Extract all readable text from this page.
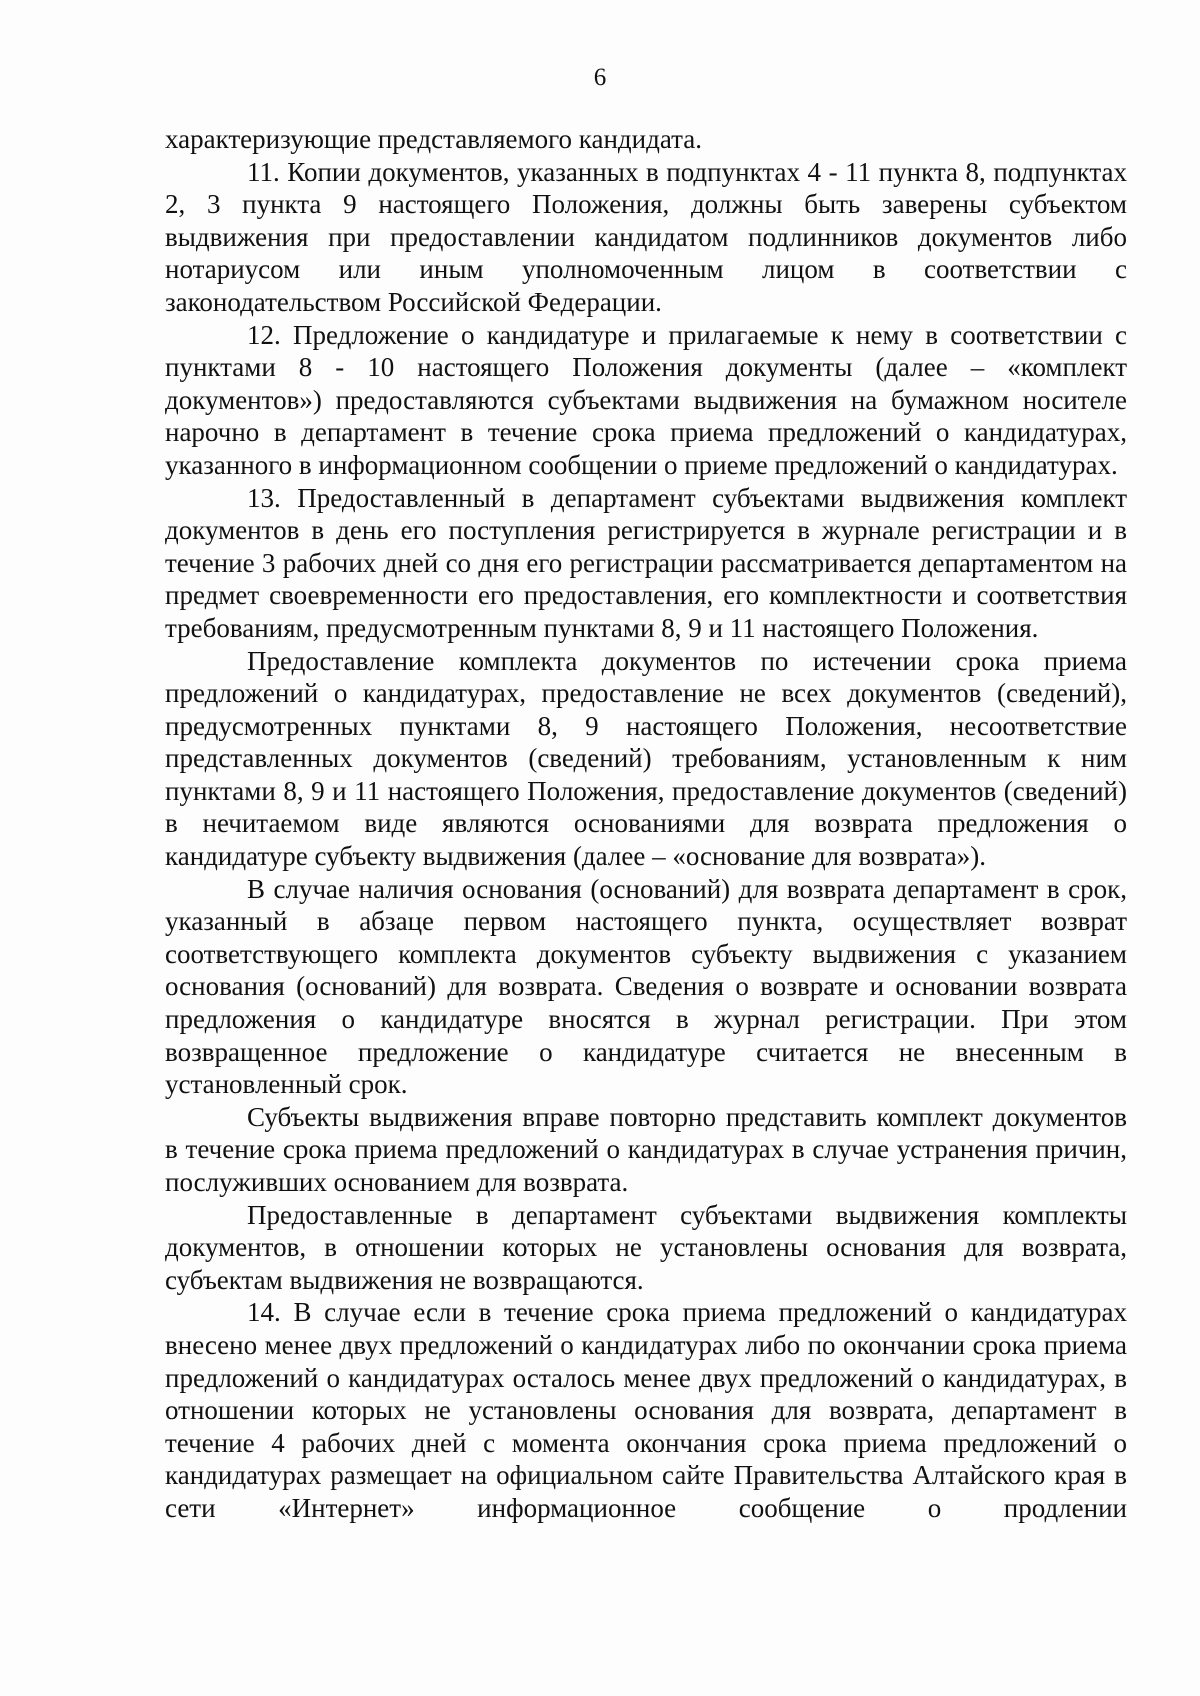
6

характеризующие представляемого кандидата.

11. Копии документов, указанных в подпунктах 4 - 11 пункта 8, подпунктах 2, 3 пункта 9 настоящего Положения, должны быть заверены субъектом выдвижения при предоставлении кандидатом подлинников документов либо нотариусом или иным уполномоченным лицом в соответствии с законодательством Российской Федерации.

12. Предложение о кандидатуре и прилагаемые к нему в соответствии с пунктами 8 - 10 настоящего Положения документы (далее – «комплект документов») предоставляются субъектами выдвижения на бумажном носителе нарочно в департамент в течение срока приема предложений о кандидатурах, указанного в информационном сообщении о приеме предложений о кандидатурах.

13. Предоставленный в департамент субъектами выдвижения комплект документов в день его поступления регистрируется в журнале регистрации и в течение 3 рабочих дней со дня его регистрации рассматривается департаментом на предмет своевременности его предоставления, его комплектности и соответствия требованиям, предусмотренным пунктами 8, 9 и 11 настоящего Положения.

Предоставление комплекта документов по истечении срока приема предложений о кандидатурах, предоставление не всех документов (сведений), предусмотренных пунктами 8, 9 настоящего Положения, несоответствие представленных документов (сведений) требованиям, установленным к ним пунктами 8, 9 и 11 настоящего Положения, предоставление документов (сведений) в нечитаемом виде являются основаниями для возврата предложения о кандидатуре субъекту выдвижения (далее – «основание для возврата»).

В случае наличия основания (оснований) для возврата департамент в срок, указанный в абзаце первом настоящего пункта, осуществляет возврат соответствующего комплекта документов субъекту выдвижения с указанием основания (оснований) для возврата. Сведения о возврате и основании возврата предложения о кандидатуре вносятся в журнал регистрации. При этом возвращенное предложение о кандидатуре считается не внесенным в установленный срок.

Субъекты выдвижения вправе повторно представить комплект документов в течение срока приема предложений о кандидатурах в случае устранения причин, послуживших основанием для возврата.

Предоставленные в департамент субъектами выдвижения комплекты документов, в отношении которых не установлены основания для возврата, субъектам выдвижения не возвращаются.

14. В случае если в течение срока приема предложений о кандидатурах внесено менее двух предложений о кандидатурах либо по окончании срока приема предложений о кандидатурах осталось менее двух предложений о кандидатурах, в отношении которых не установлены основания для возврата, департамент в течение 4 рабочих дней с момента окончания срока приема предложений о кандидатурах размещает на официальном сайте Правительства Алтайского края в сети «Интернет» информационное сообщение о продлении
